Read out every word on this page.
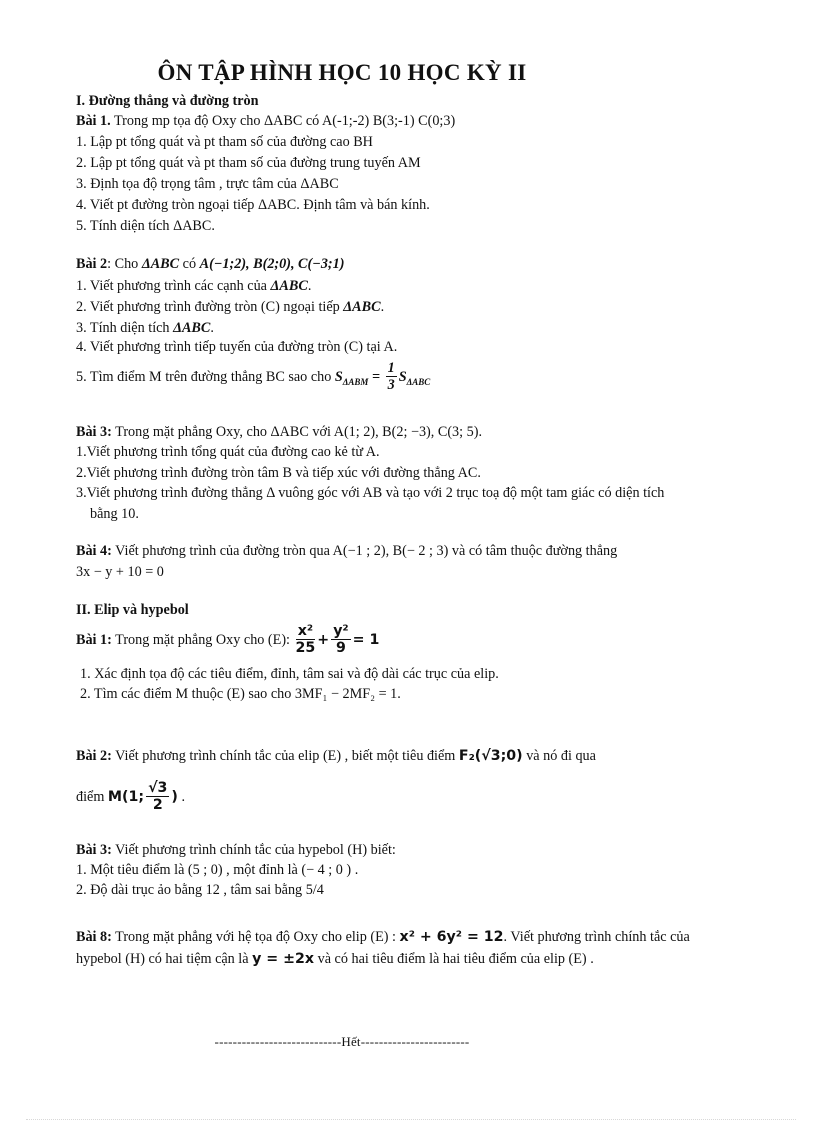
ÔN TẬP HÌNH HỌC 10 HỌC KỲ II
I. Đường thẳng và đường tròn
Bài 1. Trong mp tọa độ Oxy cho ΔABC có A(-1;-2) B(3;-1) C(0;3)
1. Lập pt tổng quát và pt tham số của đường cao BH
2. Lập pt tổng quát và pt tham số của đường trung tuyến AM
3. Định tọa độ trọng tâm , trực tâm của ΔABC
4. Viết pt đường tròn ngoại tiếp ΔABC. Định tâm và bán kính.
5. Tính diện tích ΔABC.
Bài 2: Cho ΔABC có A(−1;2), B(2;0), C(−3;1)
1. Viết phương trình các cạnh của ΔABC.
2. Viết phương trình đường tròn (C) ngoại tiếp ΔABC.
3. Tính diện tích ΔABC.
4. Viết phương trình tiếp tuyến của đường tròn (C) tại A.
5. Tìm điểm M trên đường thẳng BC sao cho $S_{\Delta ABM} = \frac{1}{3} S_{\Delta ABC}$
Bài 3: Trong mặt phẳng Oxy, cho ΔABC với A(1; 2), B(2; −3), C(3; 5).
1.Viết phương trình tổng quát của đường cao kẻ từ A.
2.Viết phương trình đường tròn tâm B và tiếp xúc với đường thẳng AC.
3.Viết phương trình đường thẳng Δ vuông góc với AB và tạo với 2 trục toạ độ một tam giác có diện tích
bằng 10.
Bài 4: Viết phương trình của đường tròn qua A(−1 ; 2), B(− 2 ; 3) và có tâm thuộc đường thẳng
3x − y + 10 = 0
II. Elip và hypebol
Bài 1: Trong mặt phẳng Oxy cho (E): $\frac{\text{x²}}{25} + \frac{\text{y²}}{9} = 1$
1. Xác định tọa độ các tiêu điểm, đỉnh, tâm sai và độ dài các trục của elip.
2. Tìm các điểm M thuộc (E) sao cho 3MF₁ − 2MF₂ = 1.
Bài 2: Viết phương trình chính tắc của elip (E) , biết một tiêu điểm F₂(√3;0) và nó đi qua
điểm M(1; $\frac{√3}{2}$ ) .
Bài 3: Viết phương trình chính tắc của hypebol (H) biết:
1. Một tiêu điểm là (5 ; 0) , một đỉnh là (− 4 ; 0 ) .
2. Độ dài trục ảo bằng 12 , tâm sai bằng 5/4
Bài 8: Trong mặt phẳng với hệ tọa độ Oxy cho elip (E) : x² + 6y² = 12. Viết phương trình chính tắc của
hypebol (H) có hai tiệm cận là y = ±2x và có hai tiêu điểm là hai tiêu điểm của elip (E) .
----------------------------Hết------------------------
